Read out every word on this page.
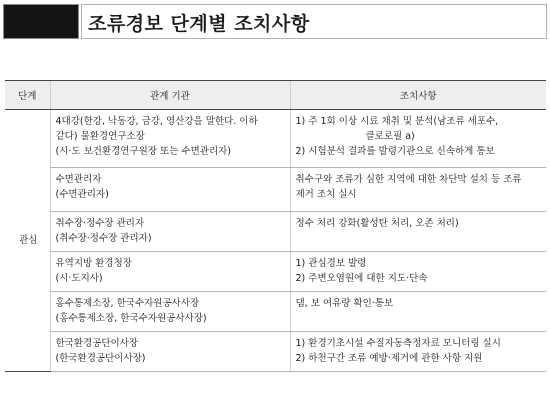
조류경보 단계별 조치사항
단계	관계 기관	조치사항
관심	4대강(한강, 낙동강, 금강, 영산강을 말한다. 이하
같다) 물환경연구소장
(시·도 보건환경연구원장 또는 수면관리자)	1) 주 1회 이상 시료 채취 및 분석(남조류 세포수,
클로로필 a)
2) 시험분석 결과를 발령기관으로 신속하게 통보

	수면관리자
(수면관리자)	취수구와 조류가 심한 지역에 대한 차단막 설치 등 조류
제거 조치 실시

	취수장·정수장 관리자
(취수장·정수장 관리자)	정수 처리 강화(활성탄 처리, 오존 처리)

	유역지방 환경청장
(시·도지사)	1) 관심경보 발령
2) 주변오염원에 대한 지도·단속

	홍수통제소장, 한국수자원공사사장
(홍수통제소장, 한국수자원공사사장)	댐, 보 여유량 확인·통보

	한국환경공단이사장
(한국환경공단이사장)	1) 환경기초시설 수질자동측정자료 모니터링 실시
2) 하천구간 조류 예방·제거에 관한 사항 지원
